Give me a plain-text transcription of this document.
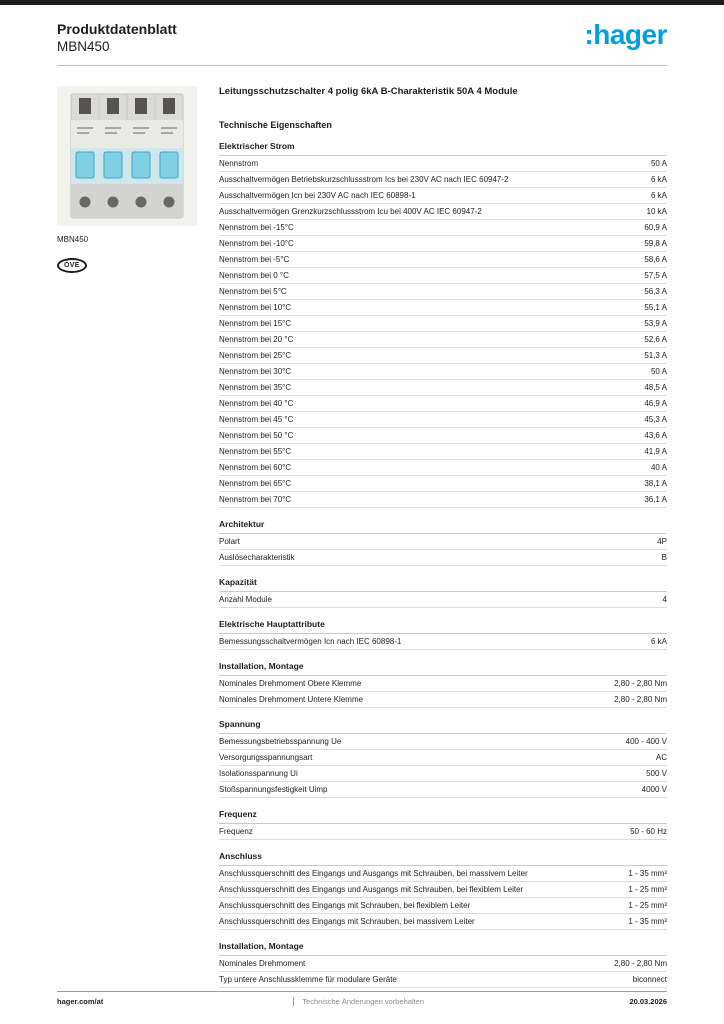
Produktdatenblatt
MBN450	:hager
MBN450
ÖVE
Leitungsschutzschalter 4 polig 6kA B-Charakteristik 50A 4 Module
Technische Eigenschaften
Elektrischer Strom
Nennstrom	50 A
Ausschaltvermögen Betriebskurzschlussstrom Ics bei 230V AC nach IEC 60947-2	6 kA
Ausschaltvermögen Icn bei 230V AC nach IEC 60898-1	6 kA
Ausschaltvermögen Grenzkurzschlussstrom Icu bei 400V AC IEC 60947-2	10 kA
Nennstrom bei -15°C	60,9 A
Nennstrom bei -10°C	59,8 A
Nennstrom bei -5°C	58,6 A
Nennstrom bei 0 °C	57,5 A
Nennstrom bei 5°C	56,3 A
Nennstrom bei 10°C	55,1 A
Nennstrom bei 15°C	53,9 A
Nennstrom bei 20 °C	52,6 A
Nennstrom bei 25°C	51,3 A
Nennstrom bei 30°C	50 A
Nennstrom bei 35°C	48,5 A
Nennstrom bei 40 °C	46,9 A
Nennstrom bei 45 °C	45,3 A
Nennstrom bei 50 °C	43,6 A
Nennstrom bei 55°C	41,9 A
Nennstrom bei 60°C	40 A
Nennstrom bei 65°C	38,1 A
Nennstrom bei 70°C	36,1 A
Architektur
Polart	4P
Auslösecharakteristik	B
Kapazität
Anzahl Module	4
Elektrische Hauptattribute
Bemessungsschaltvermögen Icn nach IEC 60898-1	6 kA
Installation, Montage
Nominales Drehmoment Obere Klemme	2,80 - 2,80 Nm
Nominales Drehmoment Untere Klemme	2,80 - 2,80 Nm
Spannung
Bemessungsbetriebsspannung Ue	400 - 400 V
Versorgungsspannungsart	AC
Isolationsspannung Ui	500 V
Stoßspannungsfestigkeit Uimp	4000 V
Frequenz
Frequenz	50 - 60 Hz
Anschluss
Anschlussquerschnitt des Eingangs und Ausgangs mit Schrauben, bei massivem Leiter	1 - 35 mm²
Anschlussquerschnitt des Eingangs und Ausgangs mit Schrauben, bei flexiblem Leiter	1 - 25 mm²
Anschlussquerschnitt des Eingangs mit Schrauben, bei flexiblem Leiter	1 - 25 mm²
Anschlussquerschnitt des Eingangs mit Schrauben, bei massivem Leiter	1 - 35 mm²
Installation, Montage
Nominales Drehmoment	2,80 - 2,80 Nm
Typ untere Anschlussklemme für modulare Geräte	biconnect
hager.com/at	Technische Änderungen vorbehalten	20.03.2026
